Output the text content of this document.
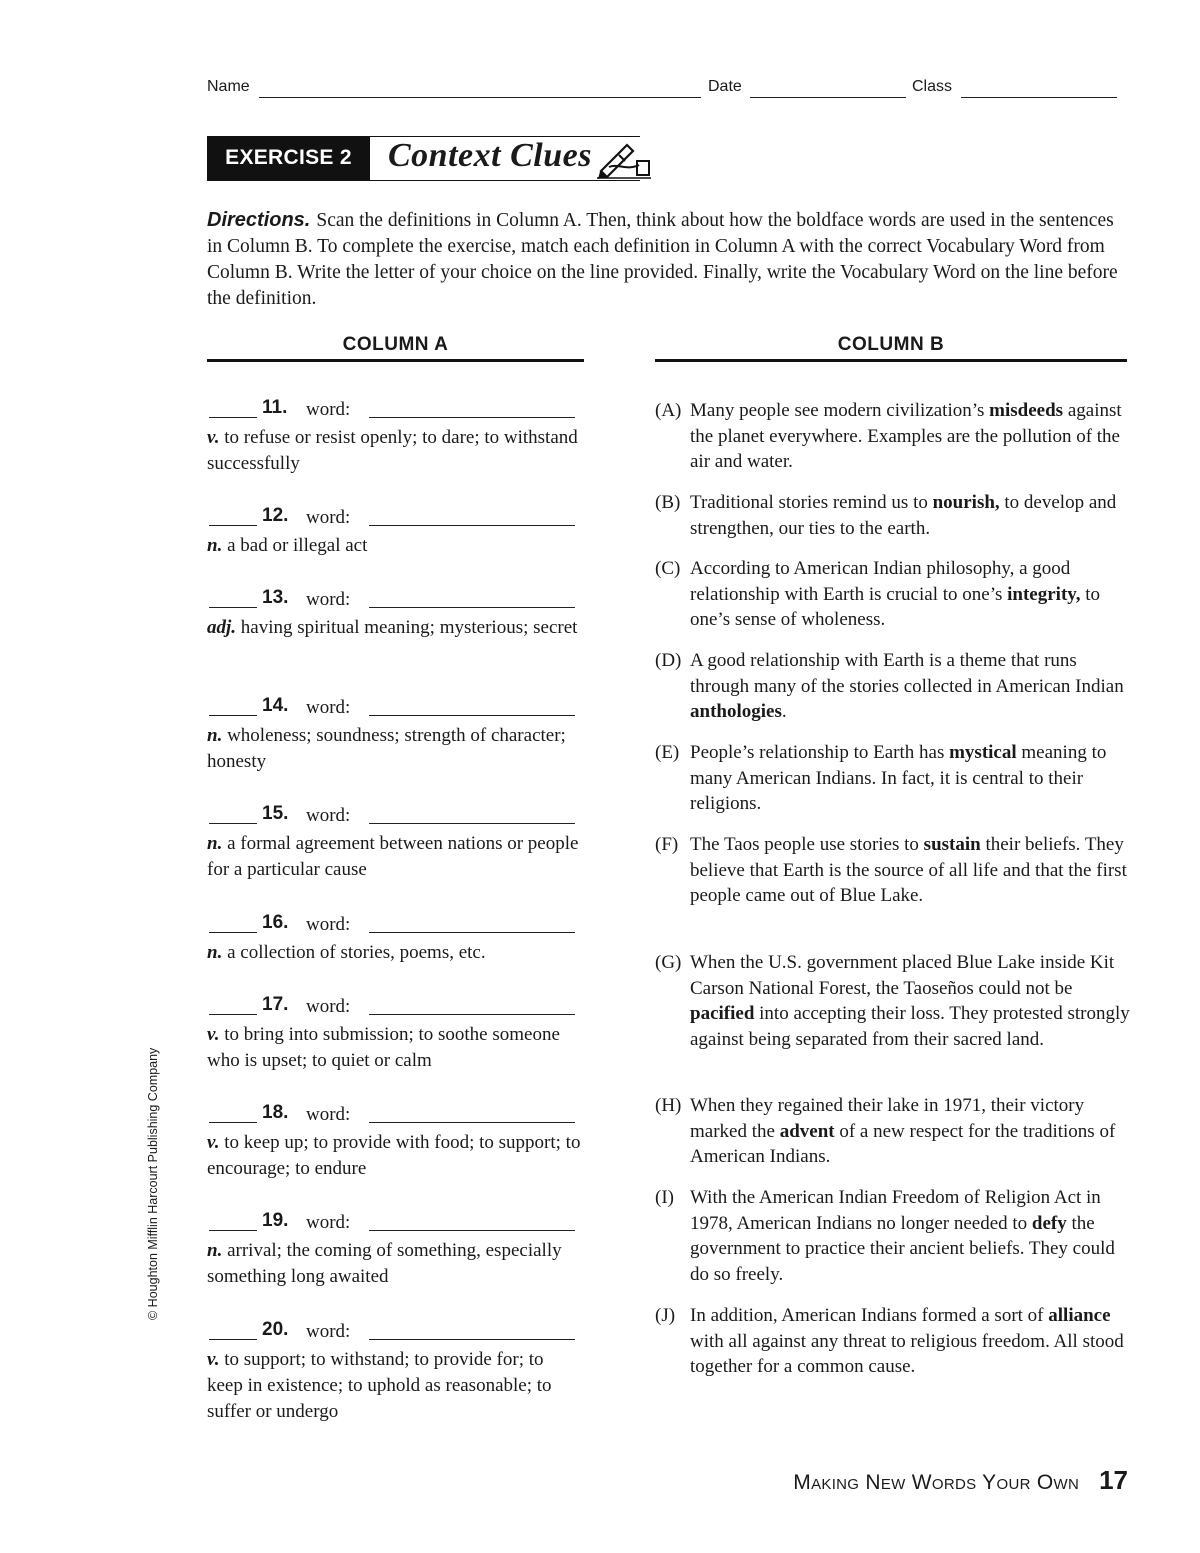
Name	Date	Class
EXERCISE 2	Context Clues
Directions. Scan the definitions in Column A. Then, think about how the boldface words are used in the sentences in Column B. To complete the exercise, match each definition in Column A with the correct Vocabulary Word from Column B. Write the letter of your choice on the line provided. Finally, write the Vocabulary Word on the line before the definition.
COLUMN A	COLUMN B
11. word:
v. to refuse or resist openly; to dare; to withstand successfully
12. word:
n. a bad or illegal act
13. word:
adj. having spiritual meaning; mysterious; secret
14. word:
n. wholeness; soundness; strength of character; honesty
15. word:
n. a formal agreement between nations or people for a particular cause
16. word:
n. a collection of stories, poems, etc.
17. word:
v. to bring into submission; to soothe someone who is upset; to quiet or calm
18. word:
v. to keep up; to provide with food; to support; to encourage; to endure
19. word:
n. arrival; the coming of something, especially something long awaited
20. word:
v. to support; to withstand; to provide for; to keep in existence; to uphold as reasonable; to suffer or undergo
(A) Many people see modern civilization’s misdeeds against the planet everywhere. Examples are the pollution of the air and water.
(B) Traditional stories remind us to nourish, to develop and strengthen, our ties to the earth.
(C) According to American Indian philosophy, a good relationship with Earth is crucial to one’s integrity, to one’s sense of wholeness.
(D) A good relationship with Earth is a theme that runs through many of the stories collected in American Indian anthologies.
(E) People’s relationship to Earth has mystical meaning to many American Indians. In fact, it is central to their religions.
(F) The Taos people use stories to sustain their beliefs. They believe that Earth is the source of all life and that the first people came out of Blue Lake.
(G) When the U.S. government placed Blue Lake inside Kit Carson National Forest, the Taoseños could not be pacified into accepting their loss. They protested strongly against being separated from their sacred land.
(H) When they regained their lake in 1971, their victory marked the advent of a new respect for the traditions of American Indians.
(I) With the American Indian Freedom of Religion Act in 1978, American Indians no longer needed to defy the government to practice their ancient beliefs. They could do so freely.
(J) In addition, American Indians formed a sort of alliance with all against any threat to religious freedom. All stood together for a common cause.
© Houghton Mifflin Harcourt Publishing Company
Making New Words Your Own 17
